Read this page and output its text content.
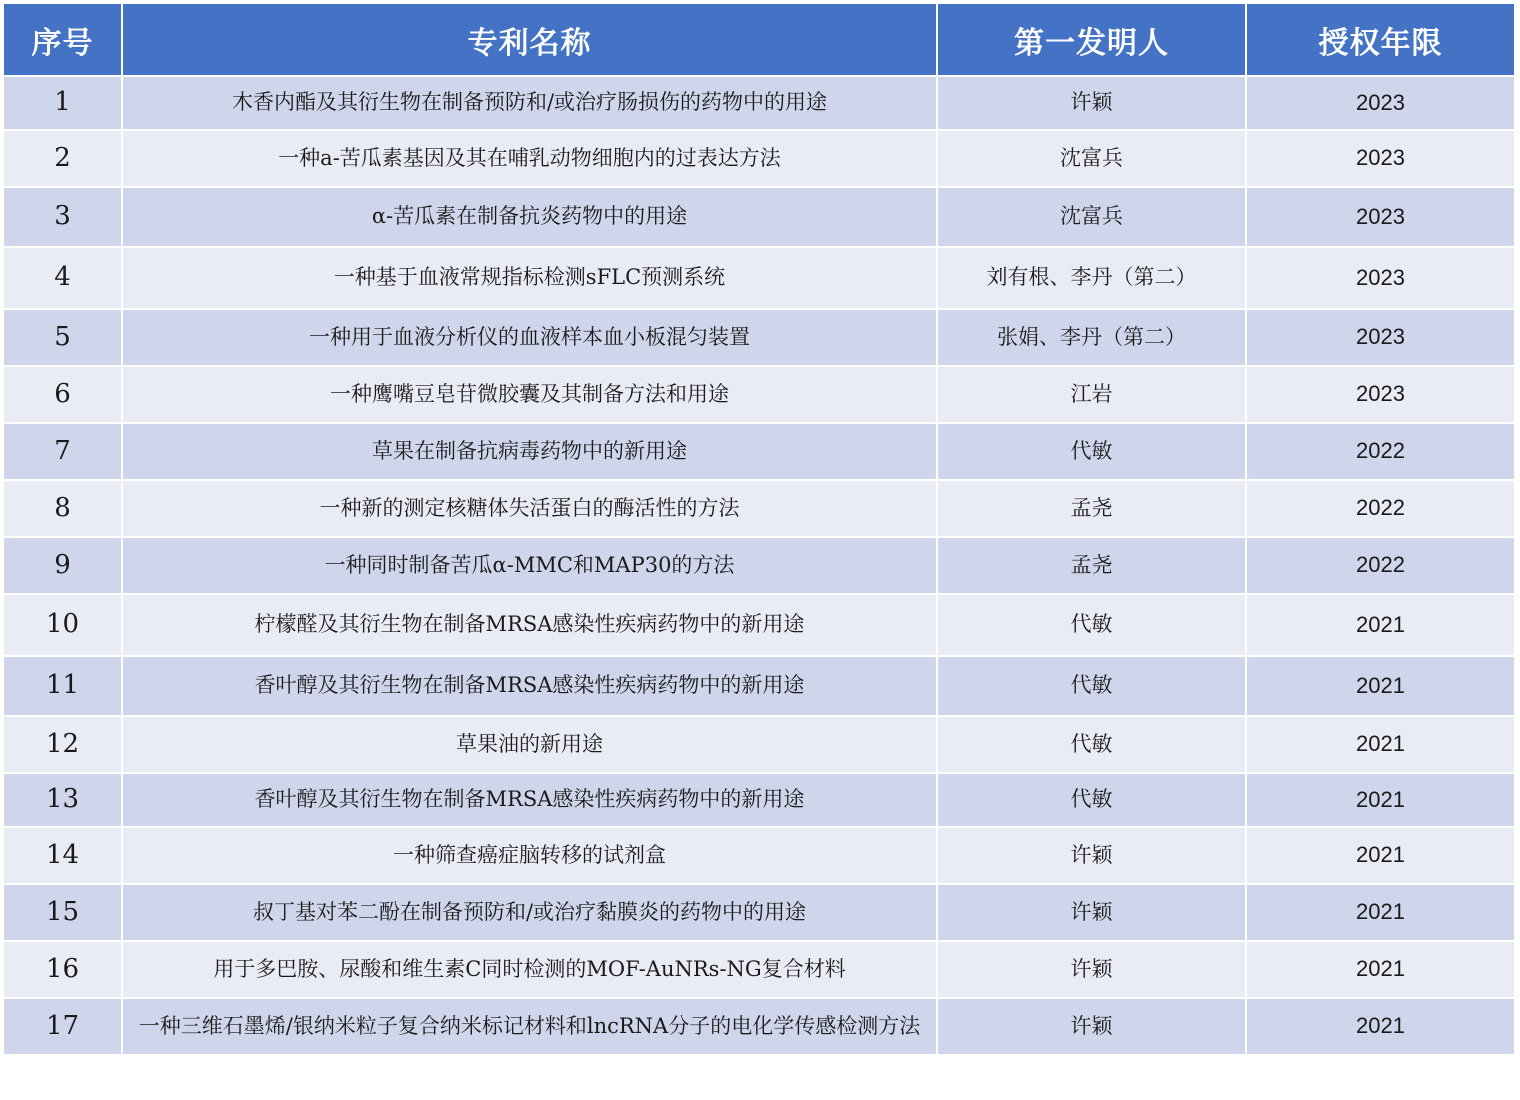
序号	专利名称	第一发明人	授权年限
1	木香内酯及其衍生物在制备预防和/或治疗肠损伤的药物中的用途	许颖	2023
2	一种a-苦瓜素基因及其在哺乳动物细胞内的过表达方法	沈富兵	2023
3	α-苦瓜素在制备抗炎药物中的用途	沈富兵	2023
4	一种基于血液常规指标检测sFLC预测系统	刘有根、李丹（第二）	2023
5	一种用于血液分析仪的血液样本血小板混匀装置	张娟、李丹（第二）	2023
6	一种鹰嘴豆皂苷微胶囊及其制备方法和用途	江岩	2023
7	草果在制备抗病毒药物中的新用途	代敏	2022
8	一种新的测定核糖体失活蛋白的酶活性的方法	孟尧	2022
9	一种同时制备苦瓜α-MMC和MAP30的方法	孟尧	2022
10	柠檬醛及其衍生物在制备MRSA感染性疾病药物中的新用途	代敏	2021
11	香叶醇及其衍生物在制备MRSA感染性疾病药物中的新用途	代敏	2021
12	草果油的新用途	代敏	2021
13	香叶醇及其衍生物在制备MRSA感染性疾病药物中的新用途	代敏	2021
14	一种筛查癌症脑转移的试剂盒	许颖	2021
15	叔丁基对苯二酚在制备预防和/或治疗黏膜炎的药物中的用途	许颖	2021
16	用于多巴胺、尿酸和维生素C同时检测的MOF-AuNRs-NG复合材料	许颖	2021
17	一种三维石墨烯/银纳米粒子复合纳米标记材料和lncRNA分子的电化学传感检测方法	许颖	2021
